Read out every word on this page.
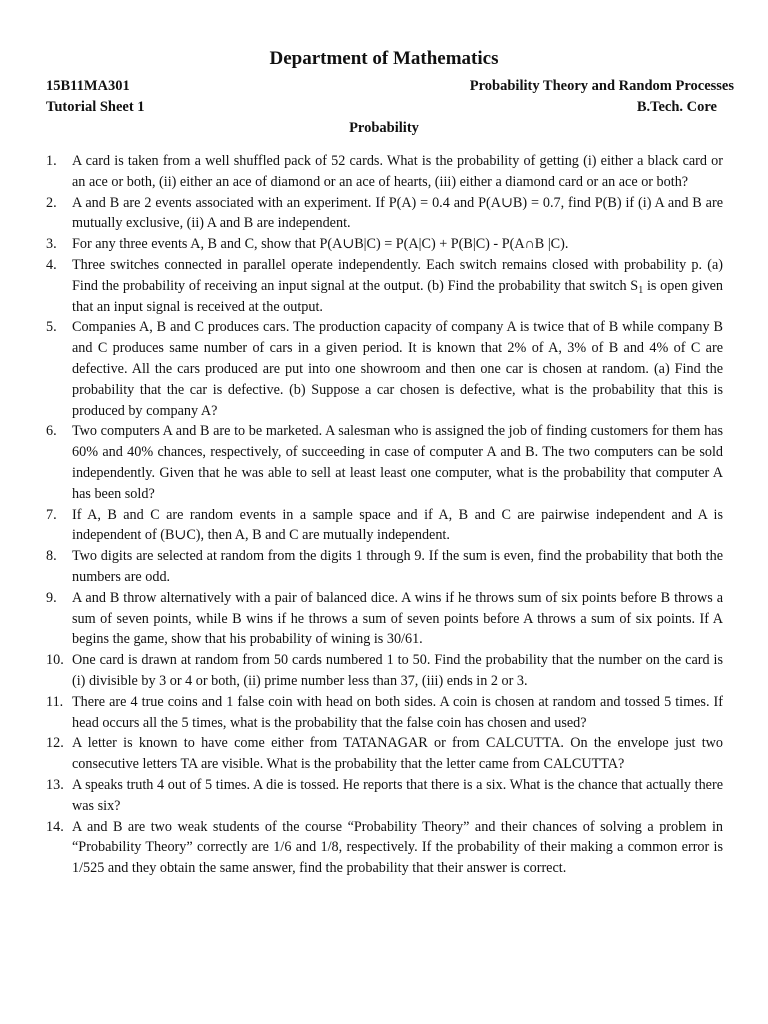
Department of Mathematics
15B11MA301	Probability Theory and Random Processes
Tutorial Sheet 1	B.Tech. Core
Probability
1. A card is taken from a well shuffled pack of 52 cards. What is the probability of getting (i) either a black card or an ace or both, (ii) either an ace of diamond or an ace of hearts, (iii) either a diamond card or an ace or both?
2. A and B are 2 events associated with an experiment. If P(A) = 0.4 and P(A∪B) = 0.7, find P(B) if (i) A and B are mutually exclusive, (ii) A and B are independent.
3. For any three events A, B and C, show that P(A∪B|C) = P(A|C) + P(B|C) - P(A∩B |C).
4. Three switches connected in parallel operate independently. Each switch remains closed with probability p. (a) Find the probability of receiving an input signal at the output. (b) Find the probability that switch $S_1$ is open given that an input signal is received at the output.
5. Companies A, B and C produces cars. The production capacity of company A is twice that of B while company B and C produces same number of cars in a given period. It is known that 2% of A, 3% of B and 4% of C are defective. All the cars produced are put into one showroom and then one car is chosen at random. (a) Find the probability that the car is defective. (b) Suppose a car chosen is defective, what is the probability that this is produced by company A?
6. Two computers A and B are to be marketed. A salesman who is assigned the job of finding customers for them has 60% and 40% chances, respectively, of succeeding in case of computer A and B. The two computers can be sold independently. Given that he was able to sell at least least one computer, what is the probability that computer A has been sold?
7. If A, B and C are random events in a sample space and if A, B and C are pairwise independent and A is independent of (B∪C), then A, B and C are mutually independent.
8. Two digits are selected at random from the digits 1 through 9. If the sum is even, find the probability that both the numbers are odd.
9. A and B throw alternatively with a pair of balanced dice. A wins if he throws sum of six points before B throws a sum of seven points, while B wins if he throws a sum of seven points before A throws a sum of six points. If A begins the game, show that his probability of wining is 30/61.
10. One card is drawn at random from 50 cards numbered 1 to 50. Find the probability that the number on the card is (i) divisible by 3 or 4 or both, (ii) prime number less than 37, (iii) ends in 2 or 3.
11. There are 4 true coins and 1 false coin with head on both sides. A coin is chosen at random and tossed 5 times. If head occurs all the 5 times, what is the probability that the false coin has chosen and used?
12. A letter is known to have come either from TATANAGAR or from CALCUTTA. On the envelope just two consecutive letters TA are visible. What is the probability that the letter came from CALCUTTA?
13. A speaks truth 4 out of 5 times. A die is tossed. He reports that there is a six. What is the chance that actually there was six?
14. A and B are two weak students of the course “Probability Theory” and their chances of solving a problem in “Probability Theory” correctly are 1/6 and 1/8, respectively. If the probability of their making a common error is 1/525 and they obtain the same answer, find the probability that their answer is correct.
